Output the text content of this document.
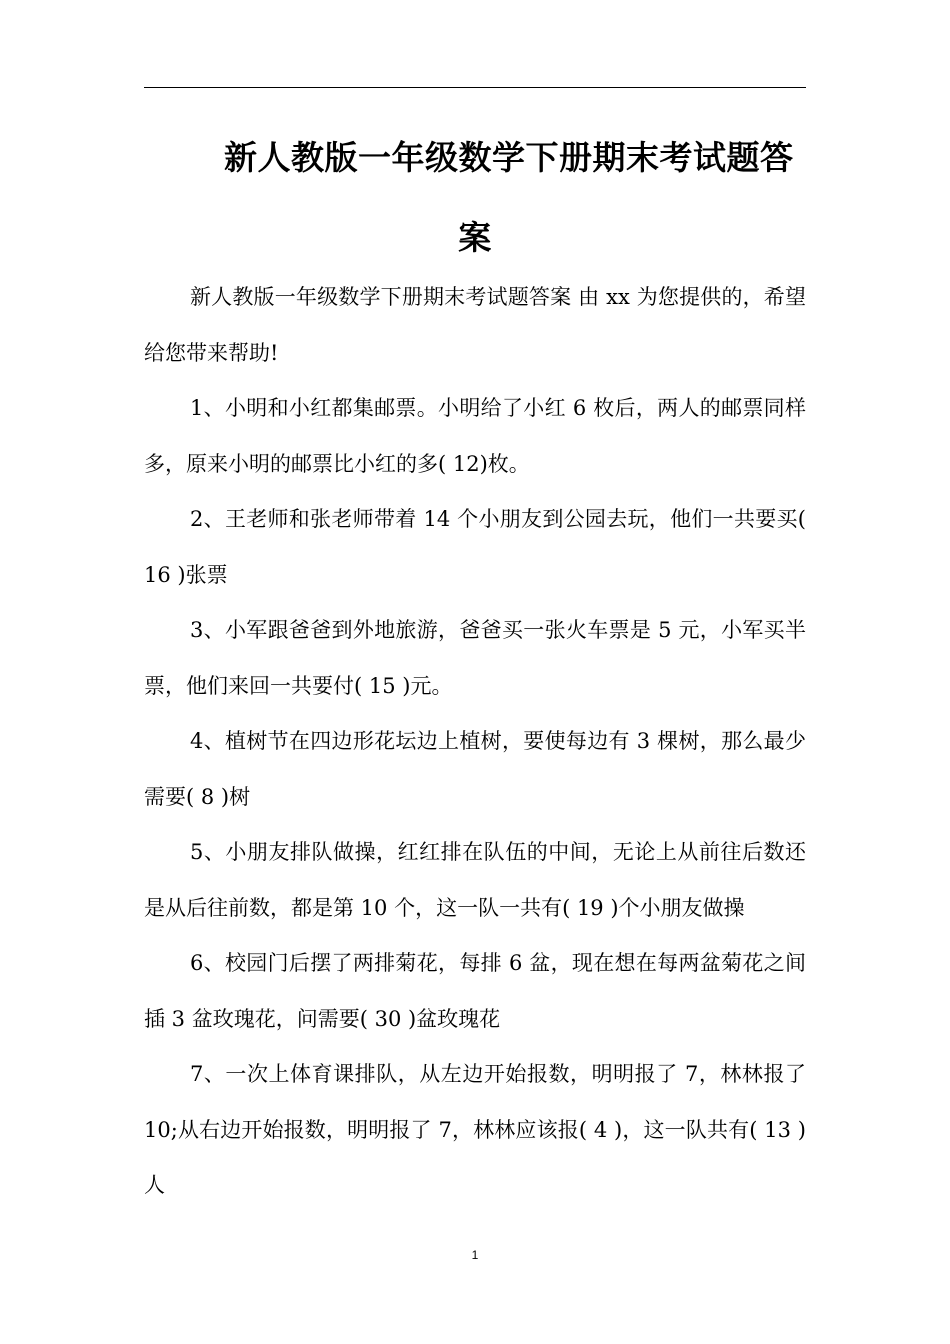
新人教版一年级数学下册期末考试题答
案

新人教版一年级数学下册期末考试题答案 由 xx 为您提供的，希望给您带来帮助!

1、小明和小红都集邮票。小明给了小红 6 枚后，两人的邮票同样多，原来小明的邮票比小红的多( 12)枚。

2、王老师和张老师带着 14 个小朋友到公园去玩，他们一共要买( 16 )张票

3、小军跟爸爸到外地旅游，爸爸买一张火车票是 5 元，小军买半票，他们来回一共要付( 15 )元。

4、植树节在四边形花坛边上植树，要使每边有 3 棵树，那么最少需要( 8 )树

5、小朋友排队做操，红红排在队伍的中间，无论上从前往后数还是从后往前数，都是第 10 个，这一队一共有( 19 )个小朋友做操

6、校园门后摆了两排菊花，每排 6 盆，现在想在每两盆菊花之间插 3 盆玫瑰花，问需要( 30 )盆玫瑰花

7、一次上体育课排队，从左边开始报数，明明报了 7，林林报了 10;从右边开始报数，明明报了 7，林林应该报( 4 )，这一队共有( 13 )人

1
